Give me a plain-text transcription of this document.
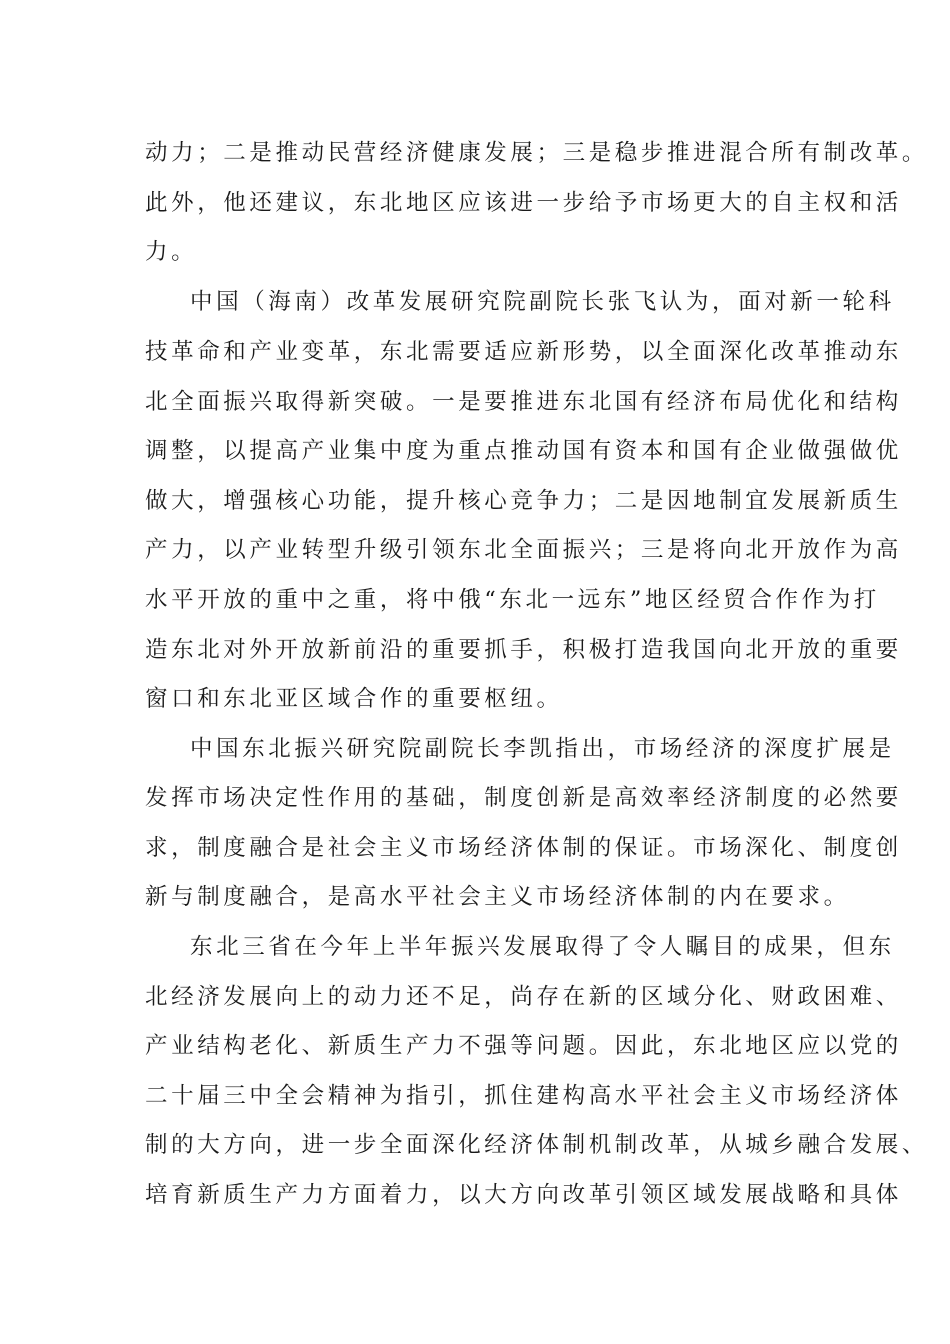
动力；二是推动民营经济健康发展；三是稳步推进混合所有制改革。
此外，他还建议，东北地区应该进一步给予市场更大的自主权和活
力。
中国（海南）改革发展研究院副院长张飞认为，面对新一轮科
技革命和产业变革，东北需要适应新形势，以全面深化改革推动东
北全面振兴取得新突破。一是要推进东北国有经济布局优化和结构
调整，以提高产业集中度为重点推动国有资本和国有企业做强做优
做大，增强核心功能，提升核心竞争力；二是因地制宜发展新质生
产力，以产业转型升级引领东北全面振兴；三是将向北开放作为高
水平开放的重中之重，将中俄“东北一远东”地区经贸合作作为打
造东北对外开放新前沿的重要抓手，积极打造我国向北开放的重要
窗口和东北亚区域合作的重要枢纽。
中国东北振兴研究院副院长李凯指出，市场经济的深度扩展是
发挥市场决定性作用的基础，制度创新是高效率经济制度的必然要
求，制度融合是社会主义市场经济体制的保证。市场深化、制度创
新与制度融合，是高水平社会主义市场经济体制的内在要求。
东北三省在今年上半年振兴发展取得了令人瞩目的成果，但东
北经济发展向上的动力还不足，尚存在新的区域分化、财政困难、
产业结构老化、新质生产力不强等问题。因此，东北地区应以党的
二十届三中全会精神为指引，抓住建构高水平社会主义市场经济体
制的大方向，进一步全面深化经济体制机制改革，从城乡融合发展、
培育新质生产力方面着力，以大方向改革引领区域发展战略和具体
